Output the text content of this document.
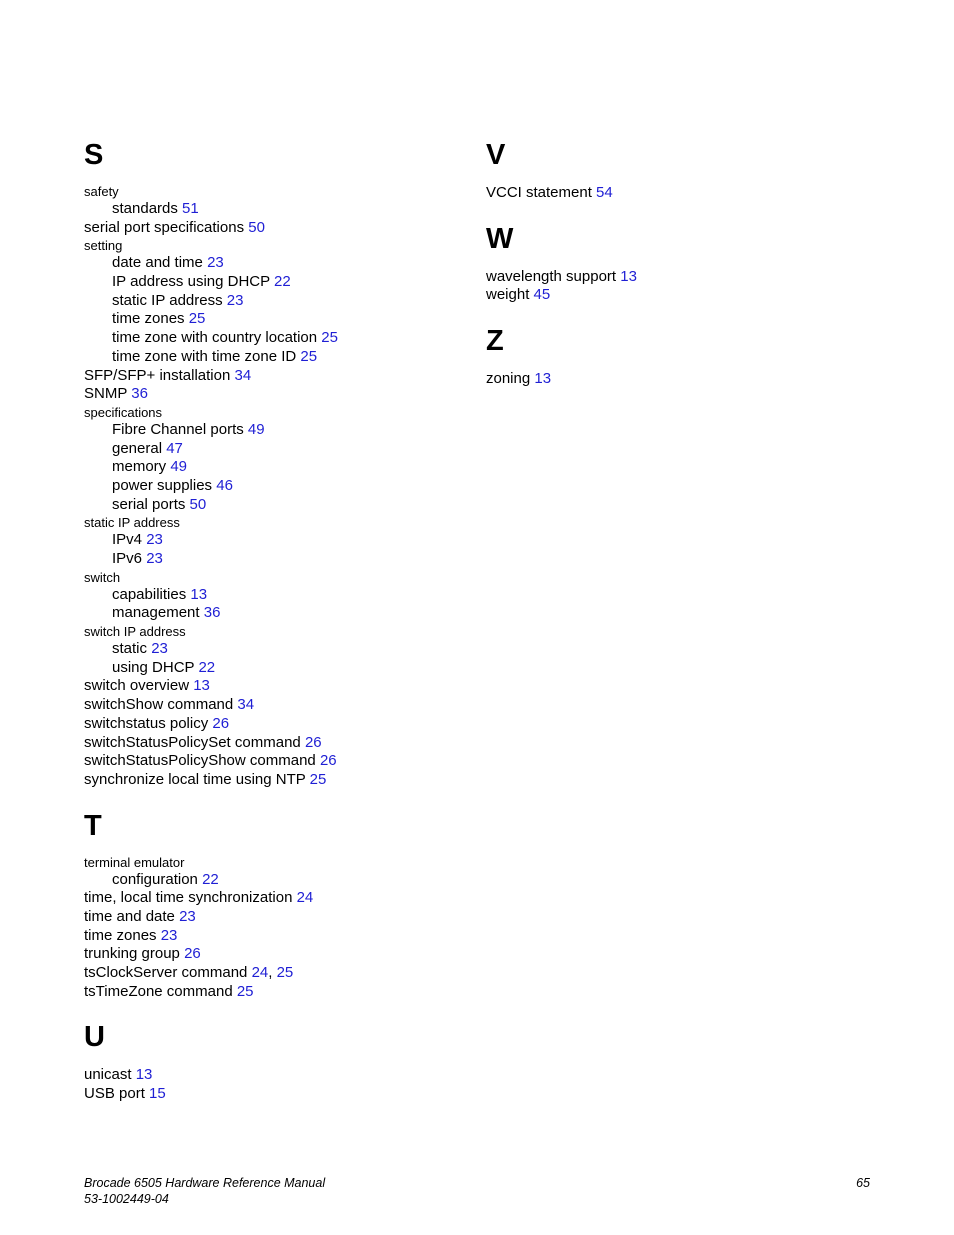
S
safety
standards 51
serial port specifications 50
setting
date and time 23
IP address using DHCP 22
static IP address 23
time zones 25
time zone with country location 25
time zone with time zone ID 25
SFP/SFP+ installation 34
SNMP 36
specifications
Fibre Channel ports 49
general 47
memory 49
power supplies 46
serial ports 50
static IP address
IPv4 23
IPv6 23
switch
capabilities 13
management 36
switch IP address
static 23
using DHCP 22
switch overview 13
switchShow command 34
switchstatus policy 26
switchStatusPolicySet command 26
switchStatusPolicyShow command 26
synchronize local time using NTP 25
T
terminal emulator
configuration 22
time, local time synchronization 24
time and date 23
time zones 23
trunking group 26
tsClockServer command 24, 25
tsTimeZone command 25
U
unicast 13
USB port 15
V
VCCI statement 54
W
wavelength support 13
weight 45
Z
zoning 13
Brocade 6505 Hardware Reference Manual
53-1002449-04
65
